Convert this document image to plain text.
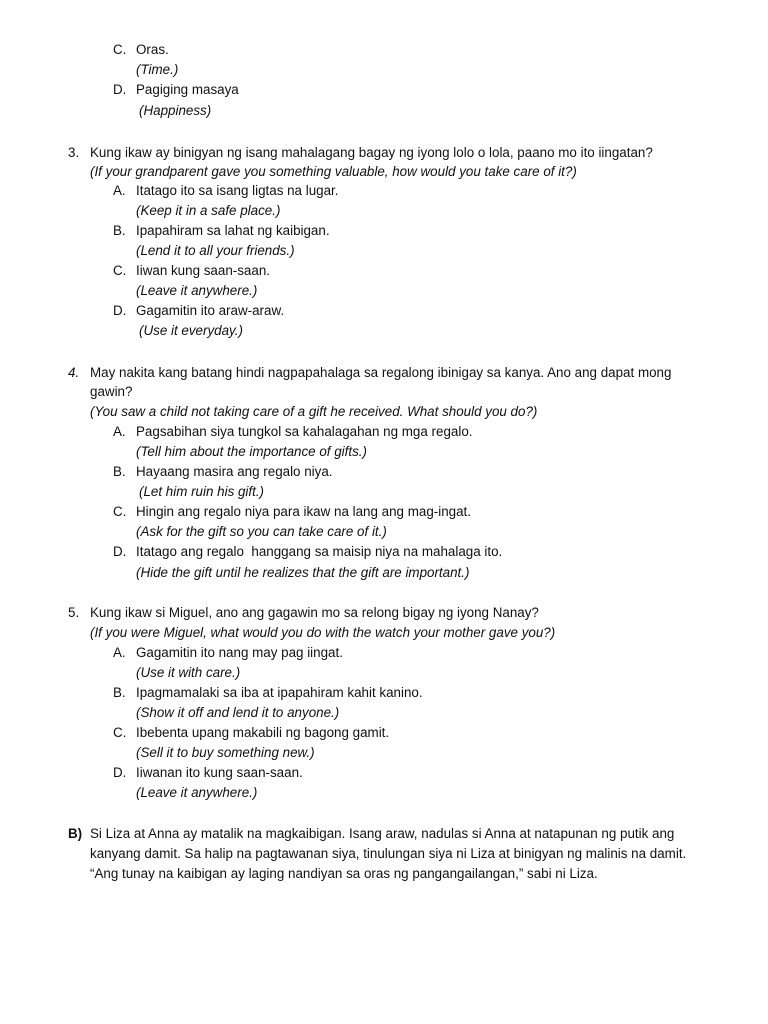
C. Oras.
(Time.)
D. Pagiging masaya
(Happiness)
3. Kung ikaw ay binigyan ng isang mahalagang bagay ng iyong lolo o lola, paano mo ito iingatan?
(If your grandparent gave you something valuable, how would you take care of it?)
A. Itatago ito sa isang ligtas na lugar.
(Keep it in a safe place.)
B. Ipapahiram sa lahat ng kaibigan.
(Lend it to all your friends.)
C. Iiwan kung saan-saan.
(Leave it anywhere.)
D. Gagamitin ito araw-araw.
(Use it everyday.)
4. May nakita kang batang hindi nagpapahalaga sa regalong ibinigay sa kanya. Ano ang dapat mong
gawin?
(You saw a child not taking care of a gift he received. What should you do?)
A. Pagsabihan siya tungkol sa kahalagahan ng mga regalo.
(Tell him about the importance of gifts.)
B. Hayaang masira ang regalo niya.
(Let him ruin his gift.)
C. Hingin ang regalo niya para ikaw na lang ang mag-ingat.
(Ask for the gift so you can take care of it.)
D. Itatago ang regalo  hanggang sa maisip niya na mahalaga ito.
(Hide the gift until he realizes that the gift are important.)
5. Kung ikaw si Miguel, ano ang gagawin mo sa relong bigay ng iyong Nanay?
(If you were Miguel, what would you do with the watch your mother gave you?)
A. Gagamitin ito nang may pag iingat.
(Use it with care.)
B. Ipagmamalaki sa iba at ipapahiram kahit kanino.
(Show it off and lend it to anyone.)
C. Ibebenta upang makabili ng bagong gamit.
(Sell it to buy something new.)
D. Iiwanan ito kung saan-saan.
(Leave it anywhere.)
B) Si Liza at Anna ay matalik na magkaibigan. Isang araw, nadulas si Anna at natapunan ng putik ang
kanyang damit. Sa halip na pagtawanan siya, tinulungan siya ni Liza at binigyan ng malinis na damit.
“Ang tunay na kaibigan ay laging nandiyan sa oras ng pangangailangan,” sabi ni Liza.
